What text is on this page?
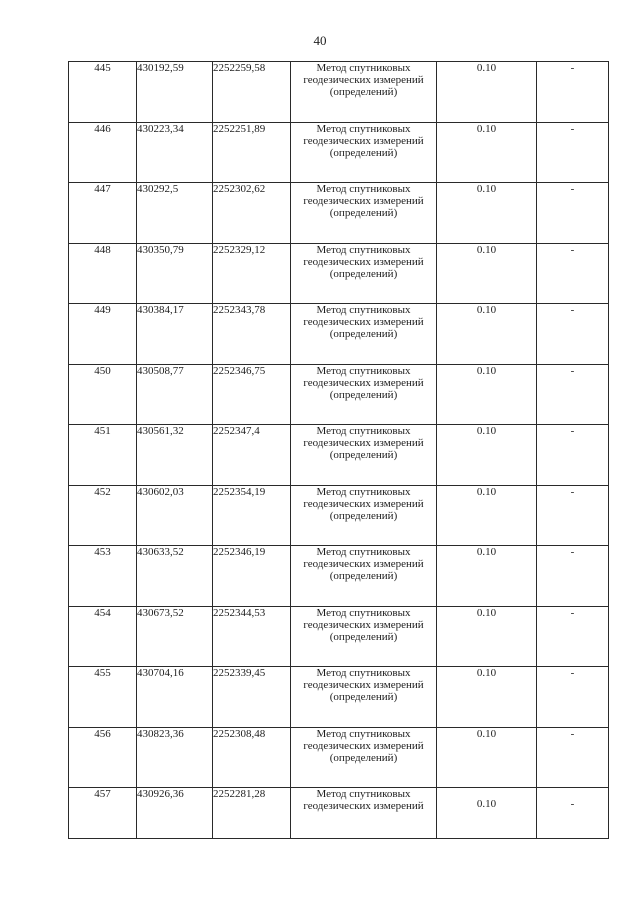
40
445	430192,59	2252259,58	Метод спутниковых
геодезических измерений
(определений)	0.10	-
446	430223,34	2252251,89	Метод спутниковых
геодезических измерений
(определений)	0.10	-
447	430292,5	2252302,62	Метод спутниковых
геодезических измерений
(определений)	0.10	-
448	430350,79	2252329,12	Метод спутниковых
геодезических измерений
(определений)	0.10	-
449	430384,17	2252343,78	Метод спутниковых
геодезических измерений
(определений)	0.10	-
450	430508,77	2252346,75	Метод спутниковых
геодезических измерений
(определений)	0.10	-
451	430561,32	2252347,4	Метод спутниковых
геодезических измерений
(определений)	0.10	-
452	430602,03	2252354,19	Метод спутниковых
геодезических измерений
(определений)	0.10	-
453	430633,52	2252346,19	Метод спутниковых
геодезических измерений
(определений)	0.10	-
454	430673,52	2252344,53	Метод спутниковых
геодезических измерений
(определений)	0.10	-
455	430704,16	2252339,45	Метод спутниковых
геодезических измерений
(определений)	0.10	-
456	430823,36	2252308,48	Метод спутниковых
геодезических измерений
(определений)	0.10	-
457	430926,36	2252281,28	Метод спутниковых
геодезических измерений	0.10	-
